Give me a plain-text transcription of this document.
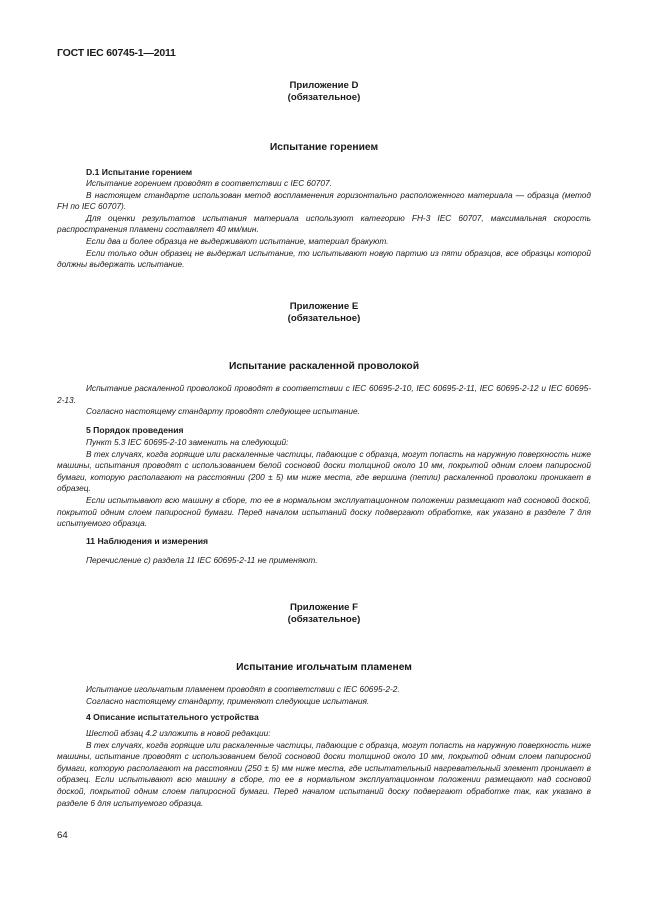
ГОСТ IEC 60745-1—2011
Приложение D
(обязательное)
Испытание горением
D.1 Испытание горением

Испытание горением проводят в соответствии с IEC 60707.

В настоящем стандарте использован метод воспламенения горизонтально расположенного материала — образца (метод FH по IEC 60707).

Для оценки результатов испытания материала используют категорию FH-3 IEC 60707, максимальная скорость распространения пламени составляет 40 мм/мин.

Если два и более образца не выдерживают испытание, материал бракуют.

Если только один образец не выдержал испытание, то испытывают новую партию из пяти образцов, все образцы которой должны выдержать испытание.

Приложение E
(обязательное)
Испытание раскаленной проволокой

Испытание раскаленной проволокой проводят в соответствии с IEC 60695-2-10, IEC 60695-2-11, IEC 60695-2-12 и IEC 60695-2-13.

Согласно настоящему стандарту проводят следующее испытание.

5 Порядок проведения

Пункт 5.3 IEC 60695-2-10 заменить на следующий:

В тех случаях, когда горящие или раскаленные частицы, падающие с образца, могут попасть на наружную поверхность ниже машины, испытания проводят с использованием белой сосновой доски толщиной около 10 мм, покрытой одним слоем папиросной бумаги, которую располагают на расстоянии (200 ± 5) мм ниже места, где вершина (петли) раскаленной проволоки проникает в образец.

Если испытывают всю машину в сборе, то ее в нормальном эксплуатационном положении размещают над сосновой доской, покрытой одним слоем папиросной бумаги. Перед началом испытаний доску подвергают обработке, как указано в разделе 7 для испытуемого образца.

11 Наблюдения и измерения

Перечисление с) раздела 11 IEC 60695-2-11 не применяют.

Приложение F
(обязательное)
Испытание игольчатым пламенем

Испытание игольчатым пламенем проводят в соответствии с IEC 60695-2-2.

Согласно настоящему стандарту, применяют следующие испытания.

4 Описание испытательного устройства

Шестой абзац 4.2 изложить в новой редакции:

В тех случаях, когда горящие или раскаленные частицы, падающие с образца, могут попасть на наружную поверхность ниже машины, испытание проводят с использованием белой сосновой доски толщиной около 10 мм, покрытой одним слоем папиросной бумаги, которую располагают на расстоянии (250 ± 5) мм ниже места, где испытательный нагревательный элемент проникает в образец. Если испытывают всю машину в сборе, то ее в нормальном эксплуатационном положении размещают над сосновой доской, покрытой одним слоем папиросной бумаги. Перед началом испытаний доску подвергают обработке так, как указано в разделе 6 для испытуемого образца.

64
